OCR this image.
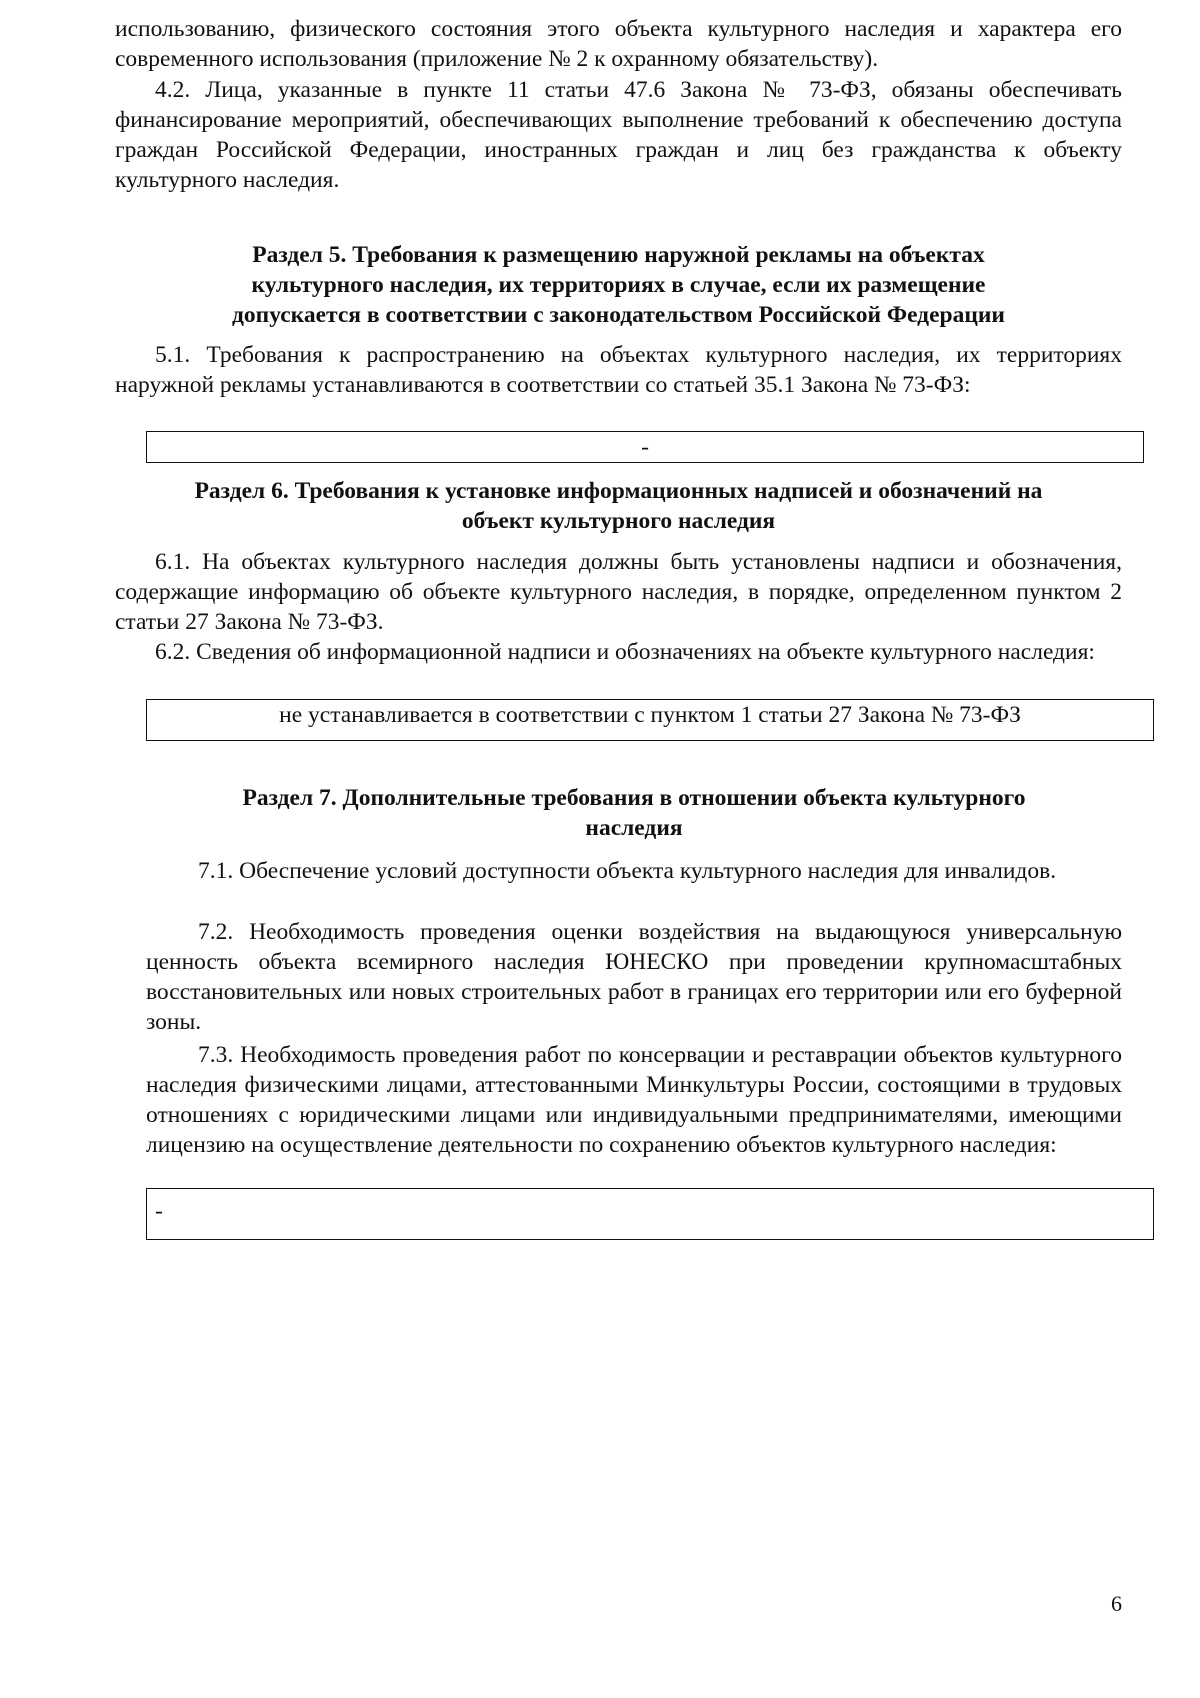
использованию, физического состояния этого объекта культурного наследия и характера его современного использования (приложение № 2 к охранному обязательству).

4.2. Лица, указанные в пункте 11 статьи 47.6 Закона № 73-ФЗ, обязаны обеспечивать финансирование мероприятий, обеспечивающих выполнение требований к обеспечению доступа граждан Российской Федерации, иностранных граждан и лиц без гражданства к объекту культурного наследия.

Раздел 5. Требования к размещению наружной рекламы на объектах
культурного наследия, их территориях в случае, если их размещение
допускается в соответствии с законодательством Российской Федерации

5.1. Требования к распространению на объектах культурного наследия, их территориях наружной рекламы устанавливаются в соответствии со статьей 35.1 Закона № 73-ФЗ:

-
Раздел 6. Требования к установке информационных надписей и обозначений на
объект культурного наследия

6.1. На объектах культурного наследия должны быть установлены надписи и обозначения, содержащие информацию об объекте культурного наследия, в порядке, определенном пунктом 2 статьи 27 Закона № 73-ФЗ.

6.2. Сведения об информационной надписи и обозначениях на объекте культурного наследия:

не устанавливается в соответствии с пунктом 1 статьи 27 Закона № 73-ФЗ
Раздел 7. Дополнительные требования в отношении объекта культурного
наследия

7.1. Обеспечение условий доступности объекта культурного наследия для инвалидов.

7.2. Необходимость проведения оценки воздействия на выдающуюся универсальную ценность объекта всемирного наследия ЮНЕСКО при проведении крупномасштабных восстановительных или новых строительных работ в границах его территории или его буферной зоны.

7.3. Необходимость проведения работ по консервации и реставрации объектов культурного наследия физическими лицами, аттестованными Минкультуры России, состоящими в трудовых отношениях с юридическими лицами или индивидуальными предпринимателями, имеющими лицензию на осуществление деятельности по сохранению объектов культурного наследия:

-
6
